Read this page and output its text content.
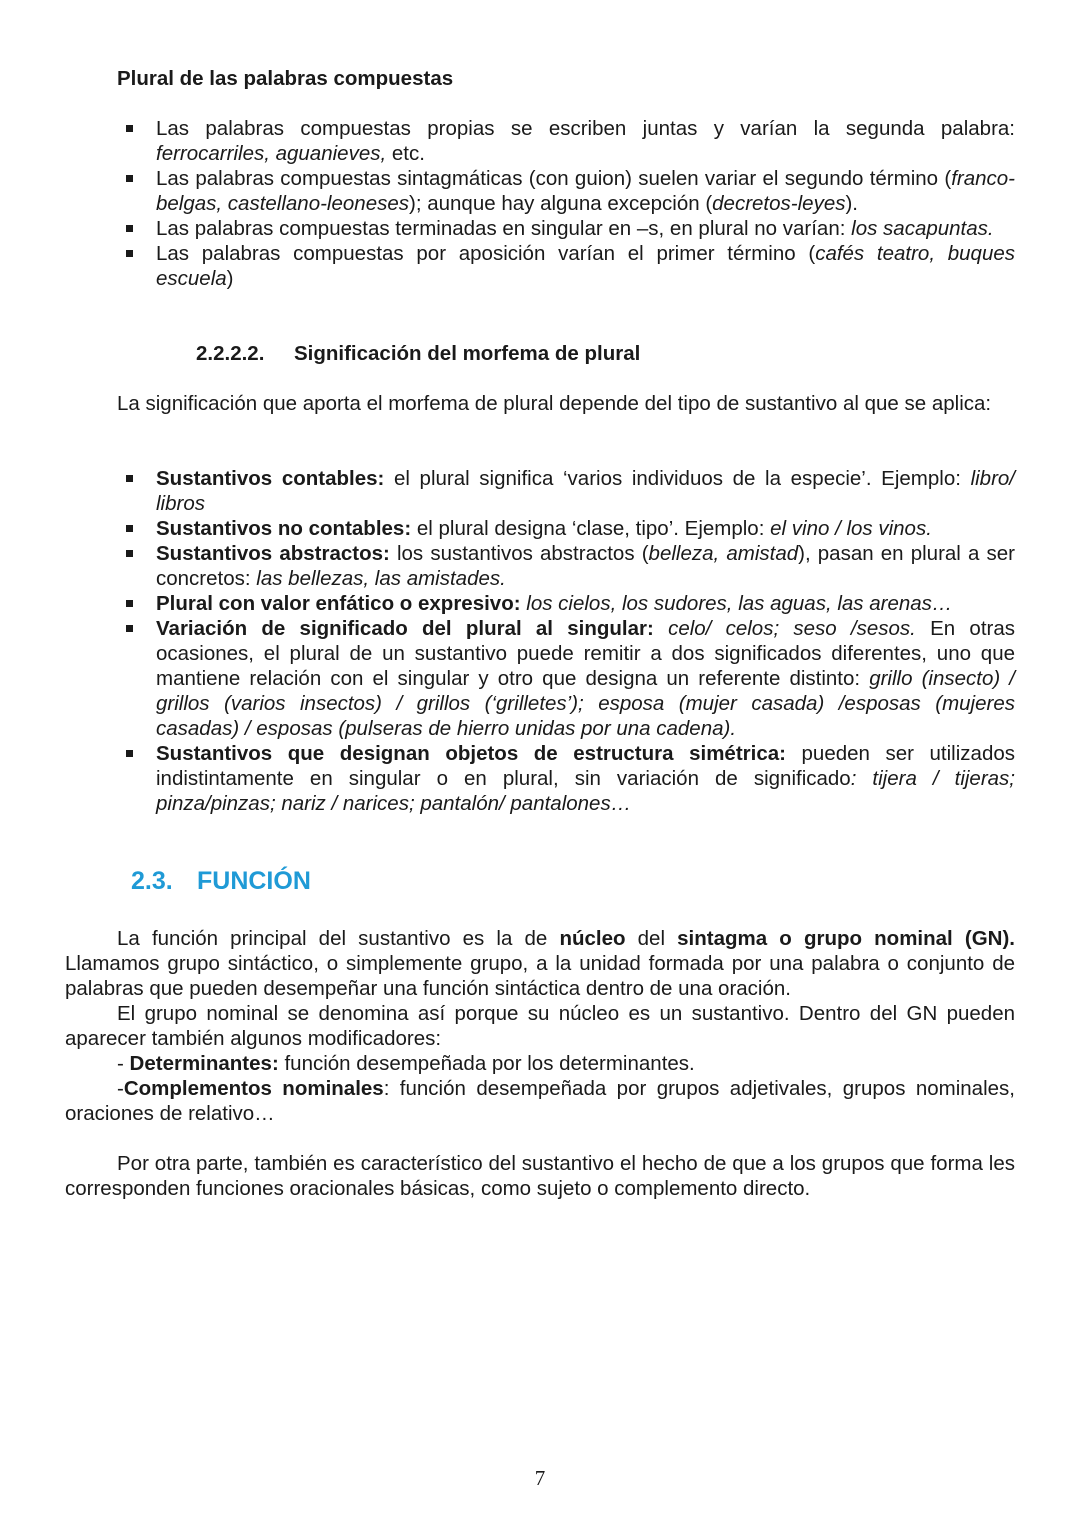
Plural de las palabras compuestas
Las palabras compuestas propias se escriben juntas y varían la segunda palabra: ferrocarriles, aguanieves, etc.
Las palabras compuestas sintagmáticas (con guion) suelen variar el segundo término (franco-belgas, castellano-leoneses); aunque hay alguna excepción (decretos-leyes).
Las palabras compuestas terminadas en singular en –s, en plural no varían: los sacapuntas.
Las palabras compuestas por aposición varían el primer término (cafés teatro, buques escuela)
2.2.2.2. Significación del morfema de plural

La significación que aporta el morfema de plural depende del tipo de sustantivo al que se aplica:

Sustantivos contables: el plural significa ‘varios individuos de la especie’. Ejemplo: libro/ libros
Sustantivos no contables: el plural designa ‘clase, tipo’. Ejemplo: el vino / los vinos.
Sustantivos abstractos: los sustantivos abstractos (belleza, amistad), pasan en plural a ser concretos: las bellezas, las amistades.
Plural con valor enfático o expresivo: los cielos, los sudores, las aguas, las arenas…
Variación de significado del plural al singular: celo/ celos; seso /sesos. En otras ocasiones, el plural de un sustantivo puede remitir a dos significados diferentes, uno que mantiene relación con el singular y otro que designa un referente distinto: grillo (insecto) / grillos (varios insectos) / grillos (‘grilletes’); esposa (mujer casada) /esposas (mujeres casadas) / esposas (pulseras de hierro unidas por una cadena).
Sustantivos que designan objetos de estructura simétrica: pueden ser utilizados indistintamente en singular o en plural, sin variación de significado: tijera / tijeras; pinza/pinzas; nariz / narices; pantalón/ pantalones…
2.3. FUNCIÓN

La función principal del sustantivo es la de núcleo del sintagma o grupo nominal (GN). Llamamos grupo sintáctico, o simplemente grupo, a la unidad formada por una palabra o conjunto de palabras que pueden desempeñar una función sintáctica dentro de una oración.

El grupo nominal se denomina así porque su núcleo es un sustantivo. Dentro del GN pueden aparecer también algunos modificadores:

- Determinantes: función desempeñada por los determinantes.

-Complementos nominales: función desempeñada por grupos adjetivales, grupos nominales, oraciones de relativo…

Por otra parte, también es característico del sustantivo el hecho de que a los grupos que forma les corresponden funciones oracionales básicas, como sujeto o complemento directo.

7
